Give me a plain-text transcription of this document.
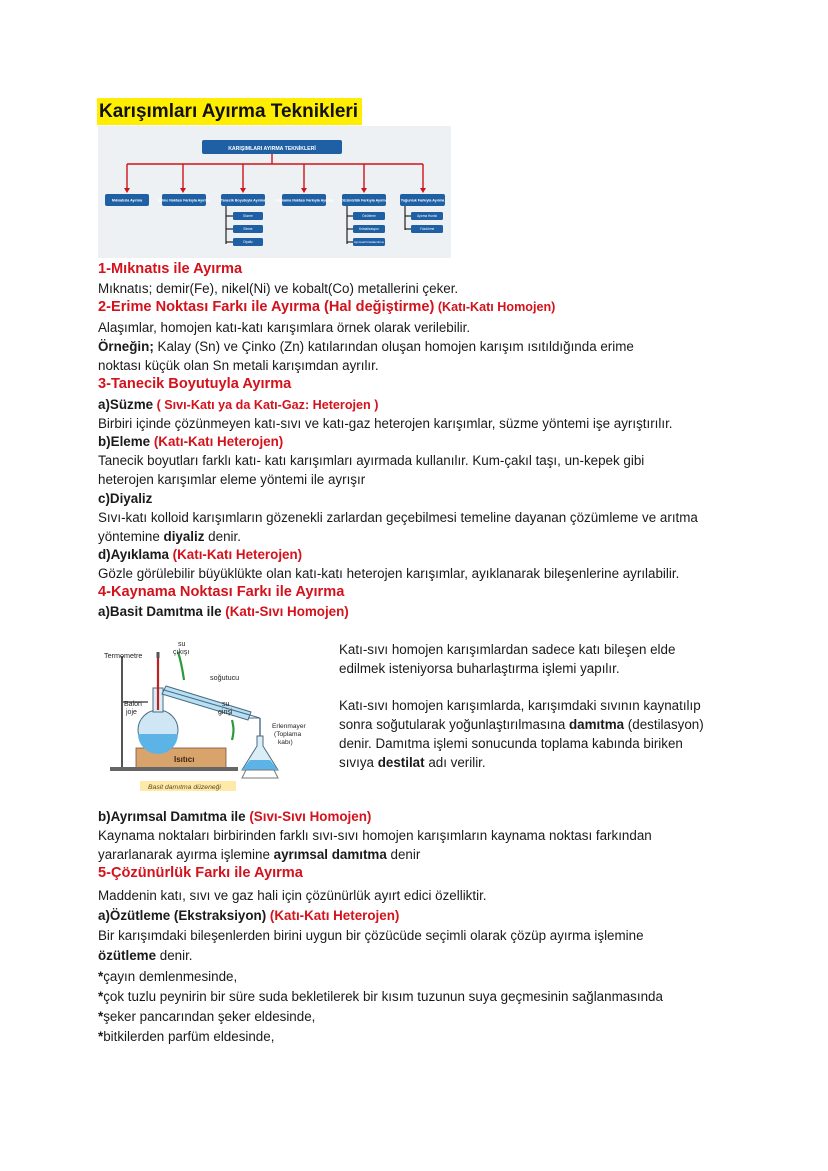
Karışımları Ayırma Teknikleri
KARIŞIMLARI AYIRMA TEKNİKLERİ
Mıknatısla Ayırma	Erime Noktası Farkıyla Ayırma	Tanecik Boyutuyla Ayırma	Kaynama Noktası Farkıyla Ayırma Çözünürlük Farkıyla Ayırma	Yoğunluk Farkıyla Ayırma
Süzme
Eleme
Diyaliz
Özütleme
Kristalizasyon
Ayrımsal Kristallendirme
Ayırma Hunisi
Yüzdürme
1-Mıknatıs ile Ayırma
Mıknatıs; demir(Fe), nikel(Ni) ve kobalt(Co) metallerini çeker.
2-Erime Noktası Farkı ile Ayırma (Hal değiştirme) (Katı-Katı Homojen)
Alaşımlar, homojen katı-katı karışımlara örnek olarak verilebilir.
Örneğin; Kalay (Sn) ve Çinko (Zn) katılarından oluşan homojen karışım ısıtıldığında erime
noktası küçük olan Sn metali karışımdan ayrılır.
3-Tanecik Boyutuyla Ayırma
a)Süzme ( Sıvı-Katı ya da Katı-Gaz: Heterojen )
Birbiri içinde çözünmeyen katı-sıvı ve katı-gaz heterojen karışımlar, süzme yöntemi işe ayrıştırılır.
b)Eleme (Katı-Katı Heterojen)
Tanecik boyutları farklı katı- katı karışımları ayırmada kullanılır. Kum-çakıl taşı, un-kepek gibi
heterojen karışımlar eleme yöntemi ile ayrışır
c)Diyaliz
Sıvı-katı kolloid karışımların gözenekli zarlardan geçebilmesi temeline dayanan çözümleme ve arıtma
yöntemine diyaliz denir.
d)Ayıklama (Katı-Katı Heterojen)
Gözle görülebilir büyüklükte olan katı-katı heterojen karışımlar, ayıklanarak bileşenlerine ayrılabilir.
4-Kaynama Noktası Farkı ile Ayırma
a)Basit Damıtma ile (Katı-Sıvı Homojen)
Isıtıcı
Termometre
su
çıkışı
soğutucu
su
girişi
Balon
joje
Erlenmayer
(Toplama
kabı)
Basit damıtma düzeneği
Katı-sıvı homojen karışımlardan sadece katı bileşen elde
edilmek isteniyorsa buharlaştırma işlemi yapılır.
Katı-sıvı homojen karışımlarda, karışımdaki sıvının kaynatılıp
sonra soğutularak yoğunlaştırılmasına damıtma (destilasyon)
denir. Damıtma işlemi sonucunda toplama kabında biriken
sıvıya destilat adı verilir.
b)Ayrımsal Damıtma ile (Sıvı-Sıvı Homojen)
Kaynama noktaları birbirinden farklı sıvı-sıvı homojen karışımların kaynama noktası farkından
yararlanarak ayırma işlemine ayrımsal damıtma denir
5-Çözünürlük Farkı ile Ayırma
Maddenin katı, sıvı ve gaz hali için çözünürlük ayırt edici özelliktir.
a)Özütleme (Ekstraksiyon) (Katı-Katı Heterojen)
Bir karışımdaki bileşenlerden birini uygun bir çözücüde seçimli olarak çözüp ayırma işlemine
özütleme denir.
*çayın demlenmesinde,
*çok tuzlu peynirin bir süre suda bekletilerek bir kısım tuzunun suya geçmesinin sağlanmasında
*şeker pancarından şeker eldesinde,
*bitkilerden parfüm eldesinde,
